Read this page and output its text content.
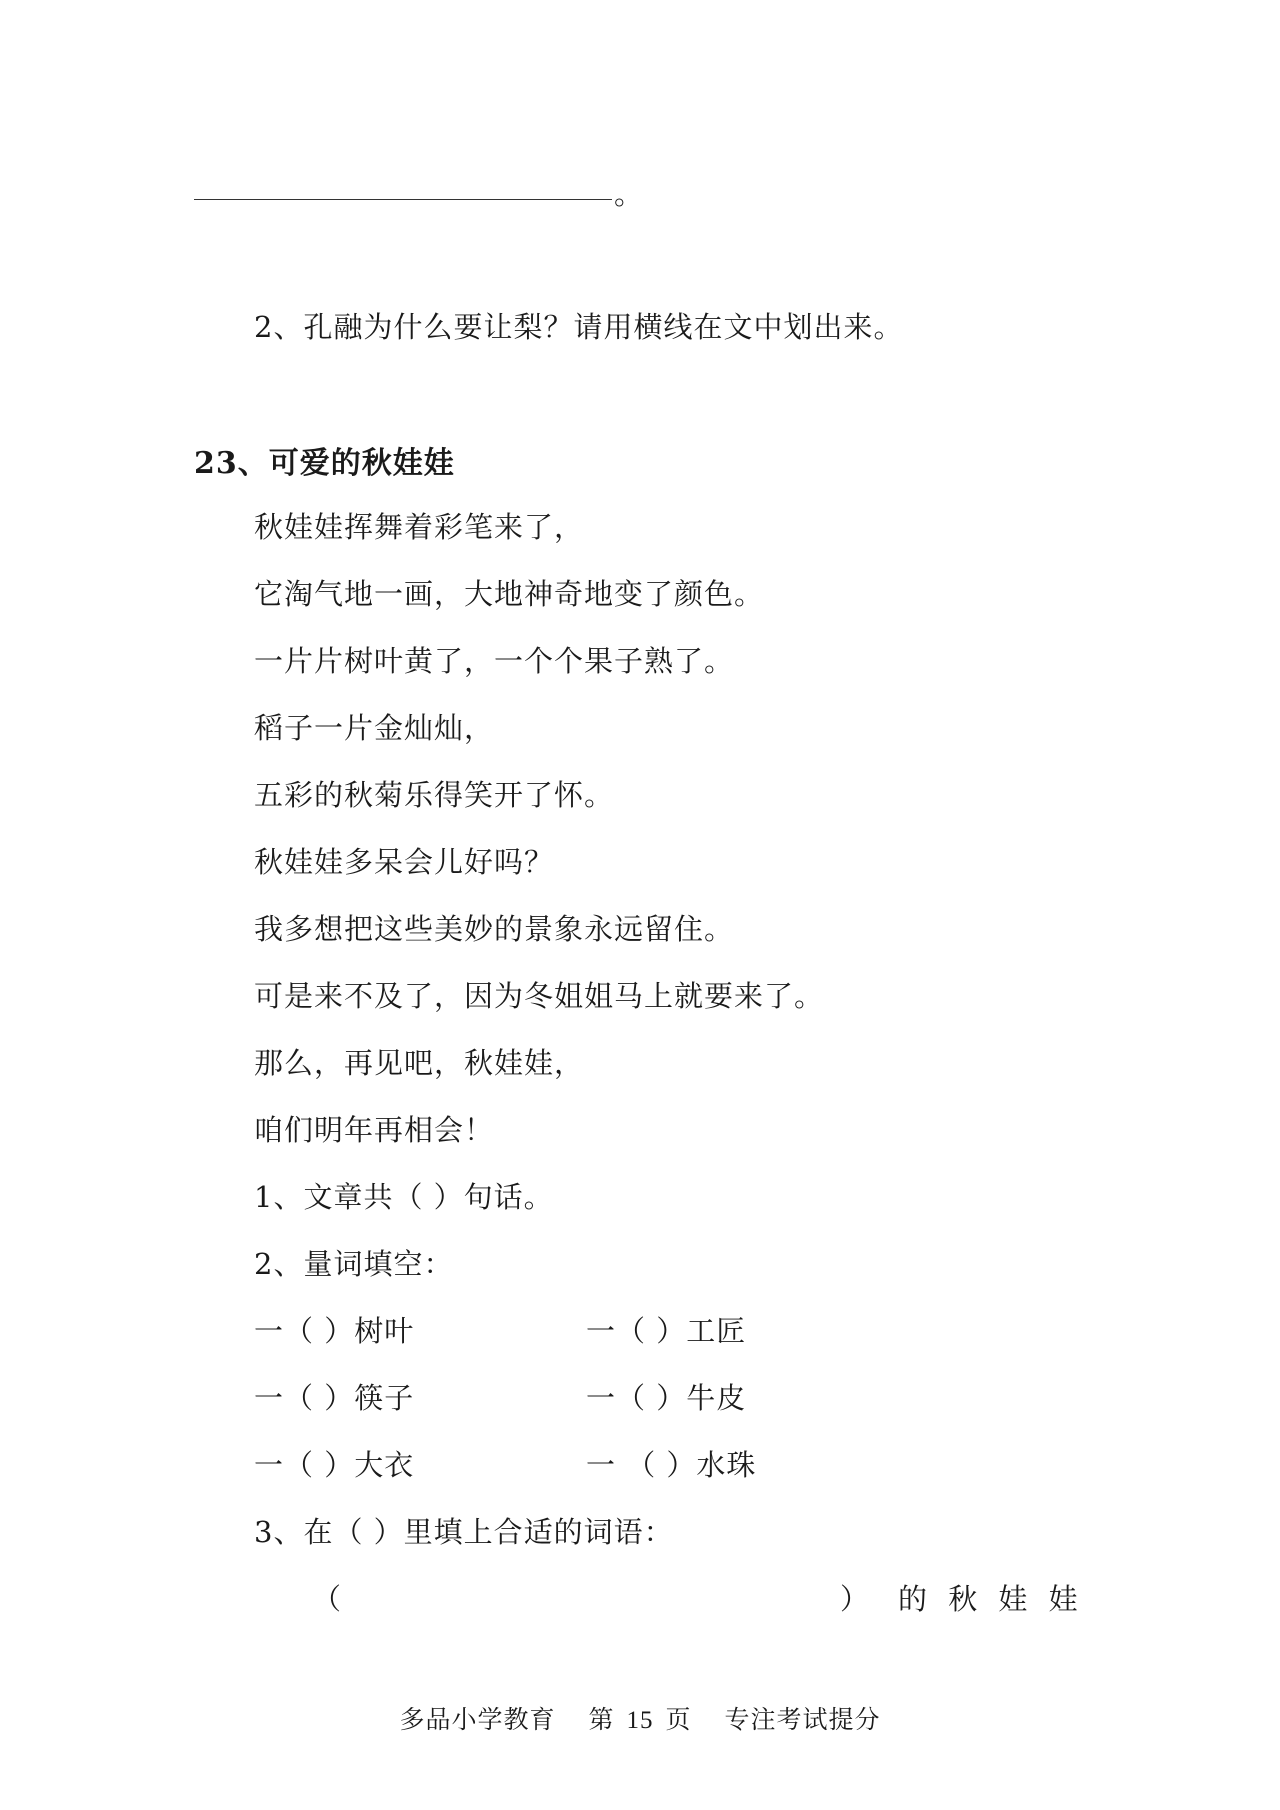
。
2、孔融为什么要让梨？请用横线在文中划出来。
23、可爱的秋娃娃
秋娃娃挥舞着彩笔来了，
它淘气地一画，大地神奇地变了颜色。
一片片树叶黄了，一个个果子熟了。
稻子一片金灿灿，
五彩的秋菊乐得笑开了怀。
秋娃娃多呆会儿好吗？
我多想把这些美妙的景象永远留住。
可是来不及了，因为冬姐姐马上就要来了。
那么，再见吧，秋娃娃，
咱们明年再相会！
1、文章共（ ）句话。
2、量词填空：
一（ ）树叶	一（ ）工匠
一（ ）筷子	一（ ）牛皮
一（ ）大衣	一 （ ）水珠
3、在（ ）里填上合适的词语：
（	） 的 秋 娃 娃
多品小学教育 第 15 页 专注考试提分
